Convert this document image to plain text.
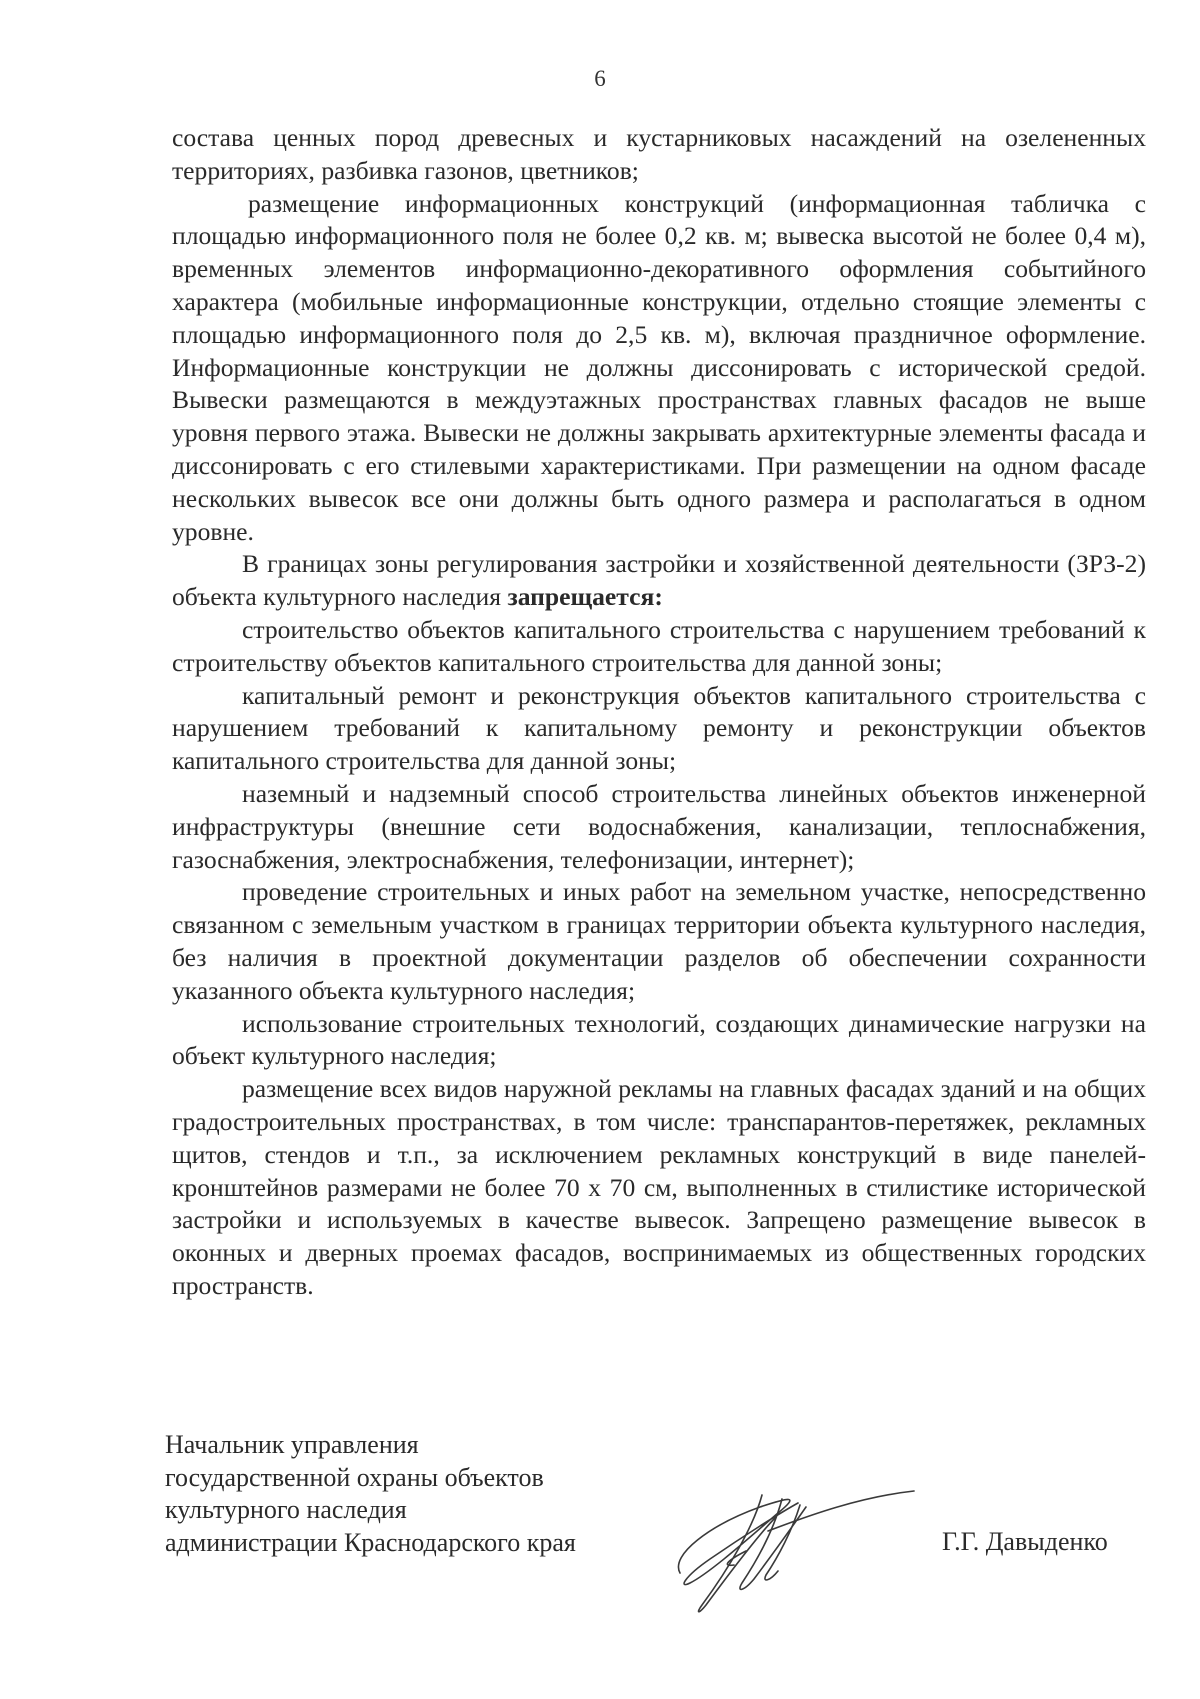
6

состава ценных пород древесных и кустарниковых насаждений на озелененных территориях, разбивка газонов, цветников;

размещение информационных конструкций (информационная табличка с площадью информационного поля не более 0,2 кв. м; вывеска высотой не более 0,4 м), временных элементов информационно-декоративного оформления событийного характера (мобильные информационные конструкции, отдельно стоящие элементы с площадью информационного поля до 2,5 кв. м), включая праздничное оформление. Информационные конструкции не должны диссонировать с исторической средой. Вывески размещаются в междуэтажных пространствах главных фасадов не выше уровня первого этажа. Вывески не должны закрывать архитектурные элементы фасада и диссонировать с его стилевыми характеристиками. При размещении на одном фасаде нескольких вывесок все они должны быть одного размера и располагаться в одном уровне.

В границах зоны регулирования застройки и хозяйственной деятельности (ЗРЗ-2) объекта культурного наследия запрещается:

строительство объектов капитального строительства с нарушением требований к строительству объектов капитального строительства для данной зоны;

капитальный ремонт и реконструкция объектов капитального строительства с нарушением требований к капитальному ремонту и реконструкции объектов капитального строительства для данной зоны;

наземный и надземный способ строительства линейных объектов инженерной инфраструктуры (внешние сети водоснабжения, канализации, теплоснабжения, газоснабжения, электроснабжения, телефонизации, интернет);

проведение строительных и иных работ на земельном участке, непосредственно связанном с земельным участком в границах территории объекта культурного наследия, без наличия в проектной документации разделов об обеспечении сохранности указанного объекта культурного наследия;

использование строительных технологий, создающих динамические нагрузки на объект культурного наследия;

размещение всех видов наружной рекламы на главных фасадах зданий и на общих градостроительных пространствах, в том числе: транспарантов-перетяжек, рекламных щитов, стендов и т.п., за исключением рекламных конструкций в виде панелей-кронштейнов размерами не более 70 х 70 см, выполненных в стилистике исторической застройки и используемых в качестве вывесок. Запрещено размещение вывесок в оконных и дверных проемах фасадов, воспринимаемых из общественных городских пространств.

Начальник управления
государственной охраны объектов
культурного наследия
администрации Краснодарского края	Г.Г. Давыденко
